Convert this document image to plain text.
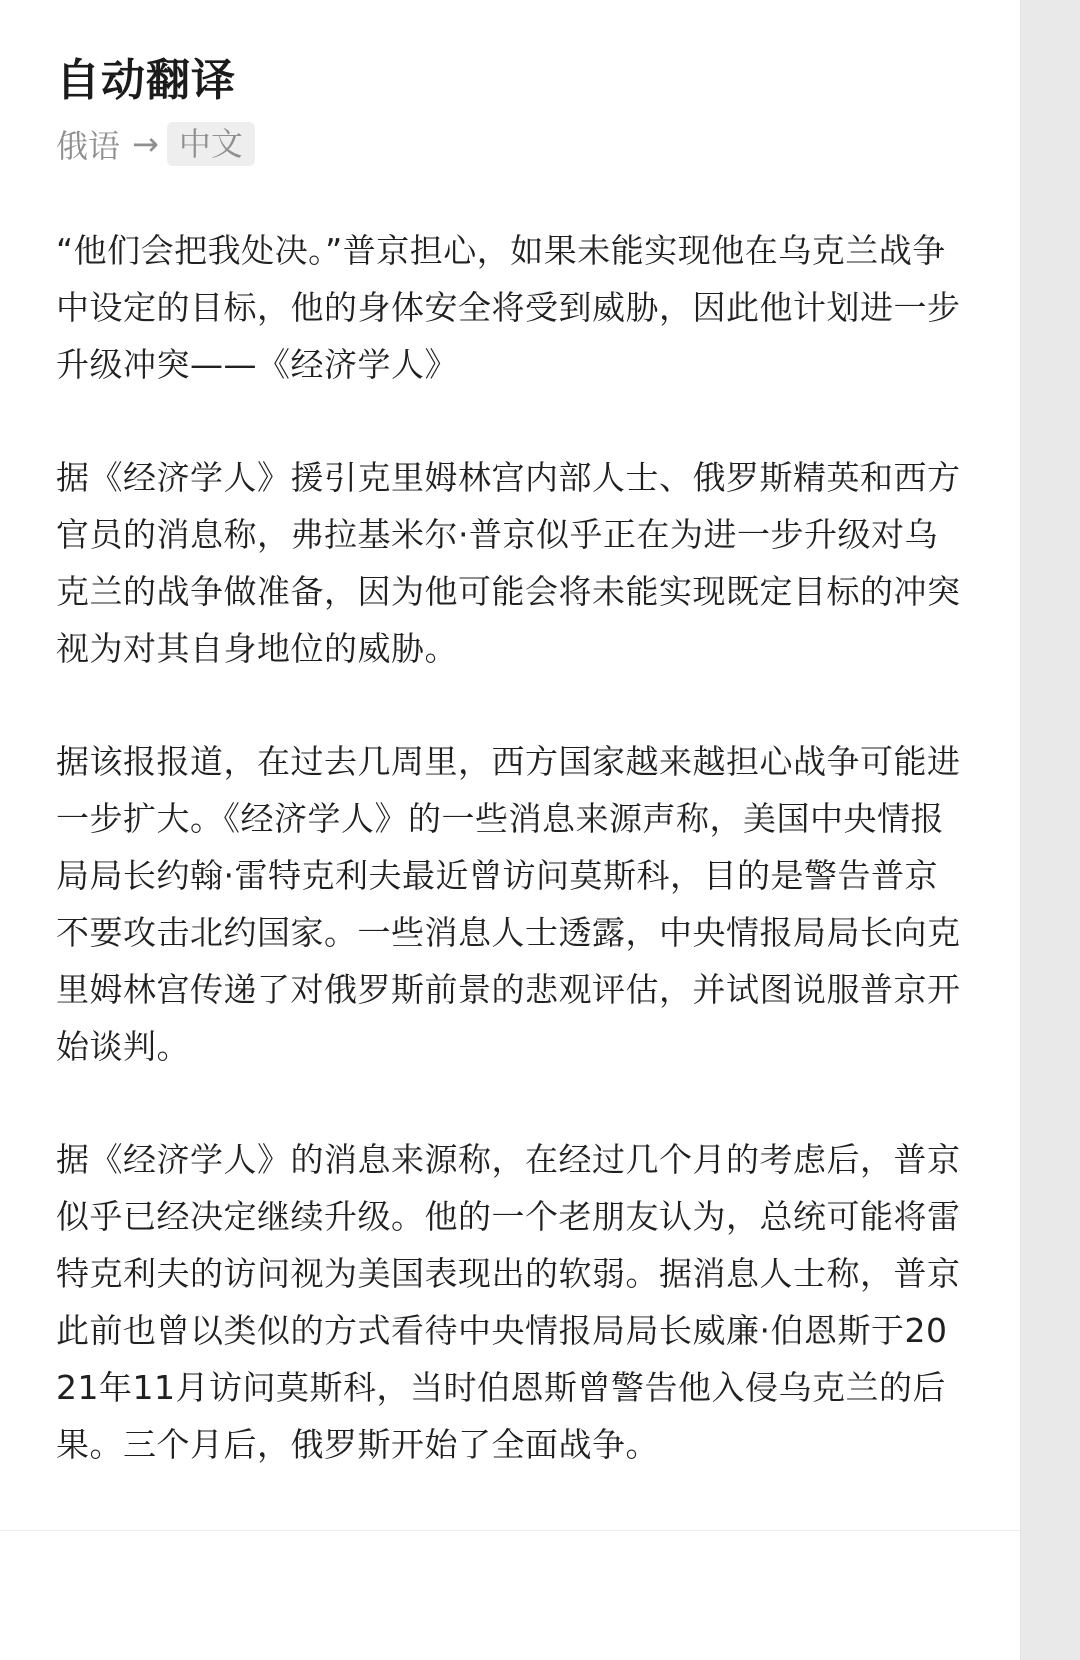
自动翻译
俄语 → 中文

“他们会把我处决。”普京担心，如果未能实现他在乌克兰战争中设定的目标，他的身体安全将受到威胁，因此他计划进一步升级冲突——《经济学人》

据《经济学人》援引克里姆林宫内部人士、俄罗斯精英和西方官员的消息称，弗拉基米尔·普京似乎正在为进一步升级对乌克兰的战争做准备，因为他可能会将未能实现既定目标的冲突视为对其自身地位的威胁。

据该报报道，在过去几周里，西方国家越来越担心战争可能进一步扩大。《经济学人》的一些消息来源声称，美国中央情报局局长约翰·雷特克利夫最近曾访问莫斯科，目的是警告普京不要攻击北约国家。一些消息人士透露，中央情报局局长向克里姆林宫传递了对俄罗斯前景的悲观评估，并试图说服普京开始谈判。

据《经济学人》的消息来源称，在经过几个月的考虑后，普京似乎已经决定继续升级。他的一个老朋友认为，总统可能将雷特克利夫的访问视为美国表现出的软弱。据消息人士称，普京此前也曾以类似的方式看待中央情报局局长威廉·伯恩斯于2021年11月访问莫斯科，当时伯恩斯曾警告他入侵乌克兰的后果。三个月后，俄罗斯开始了全面战争。
